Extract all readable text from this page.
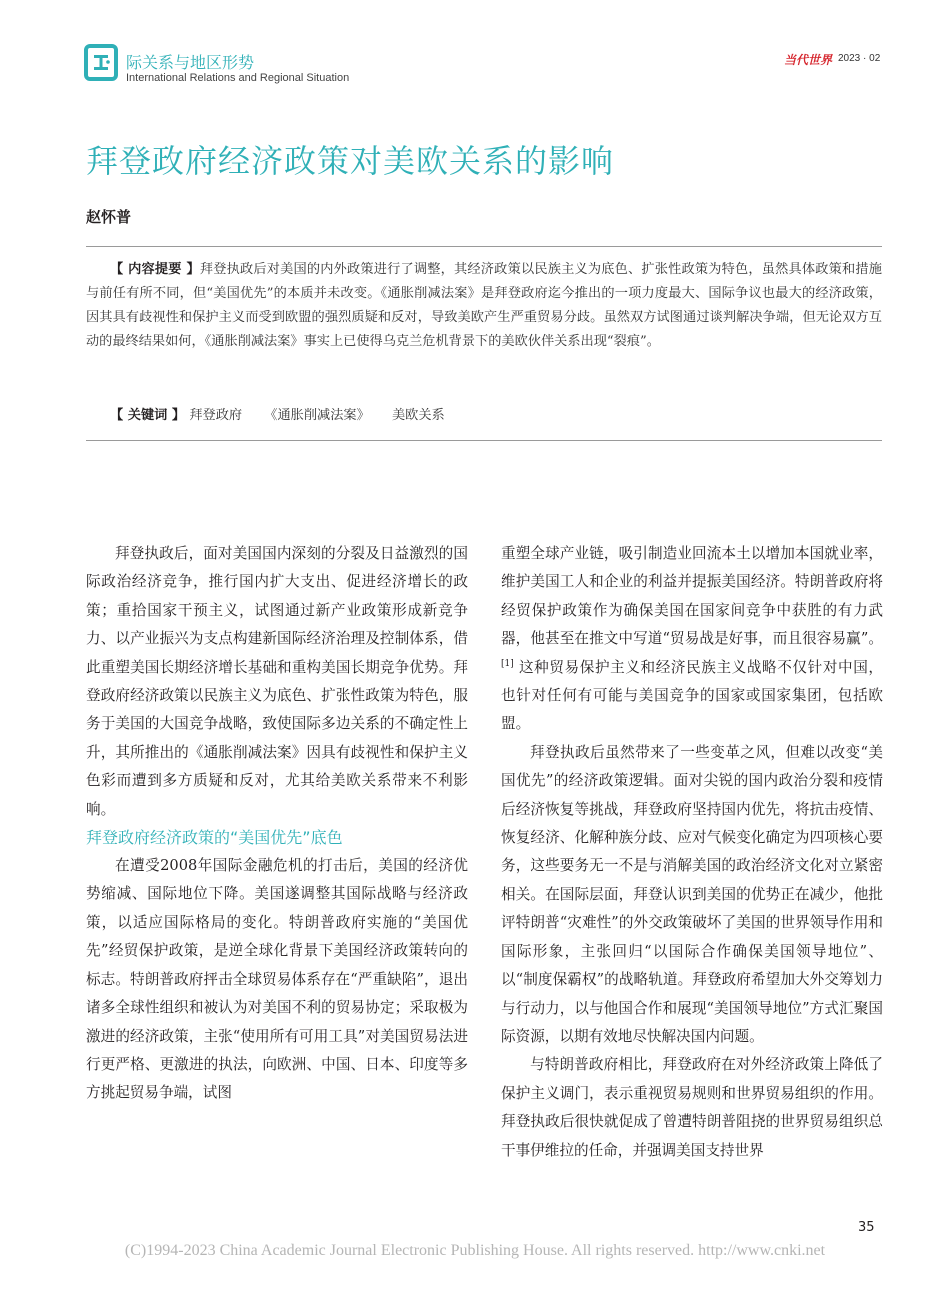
际关系与地区形势
International Relations and Regional Situation
当代世界 2023 · 02
拜登政府经济政策对美欧关系的影响
赵怀普
【 内容提要 】拜登执政后对美国的内外政策进行了调整，其经济政策以民族主义为底色、扩张性政策为特色，虽然具体政策和措施与前任有所不同，但“美国优先”的本质并未改变。《通胀削减法案》是拜登政府迄今推出的一项力度最大、国际争议也最大的经济政策，因其具有歧视性和保护主义而受到欧盟的强烈质疑和反对，导致美欧产生严重贸易分歧。虽然双方试图通过谈判解决争端，但无论双方互动的最终结果如何，《通胀削减法案》事实上已使得乌克兰危机背景下的美欧伙伴关系出现“裂痕”。
【 关键词 】 拜登政府 《通胀削减法案》 美欧关系

拜登执政后，面对美国国内深刻的分裂及日益激烈的国际政治经济竞争，推行国内扩大支出、促进经济增长的政策；重拾国家干预主义，试图通过新产业政策形成新竞争力、以产业振兴为支点构建新国际经济治理及控制体系，借此重塑美国长期经济增长基础和重构美国长期竞争优势。拜登政府经济政策以民族主义为底色、扩张性政策为特色，服务于美国的大国竞争战略，致使国际多边关系的不确定性上升，其所推出的《通胀削减法案》因具有歧视性和保护主义色彩而遭到多方质疑和反对，尤其给美欧关系带来不利影响。

拜登政府经济政策的“美国优先”底色

在遭受2008年国际金融危机的打击后，美国的经济优势缩减、国际地位下降。美国遂调整其国际战略与经济政策，以适应国际格局的变化。特朗普政府实施的“美国优先”经贸保护政策，是逆全球化背景下美国经济政策转向的标志。特朗普政府抨击全球贸易体系存在“严重缺陷”，退出诸多全球性组织和被认为对美国不利的贸易协定；采取极为激进的经济政策，主张“使用所有可用工具”对美国贸易法进行更严格、更激进的执法，向欧洲、中国、日本、印度等多方挑起贸易争端，试图

重塑全球产业链，吸引制造业回流本土以增加本国就业率，维护美国工人和企业的利益并提振美国经济。特朗普政府将经贸保护政策作为确保美国在国家间竞争中获胜的有力武器，他甚至在推文中写道“贸易战是好事，而且很容易赢”。[1] 这种贸易保护主义和经济民族主义战略不仅针对中国，也针对任何有可能与美国竞争的国家或国家集团，包括欧盟。

拜登执政后虽然带来了一些变革之风，但难以改变“美国优先”的经济政策逻辑。面对尖锐的国内政治分裂和疫情后经济恢复等挑战，拜登政府坚持国内优先，将抗击疫情、恢复经济、化解种族分歧、应对气候变化确定为四项核心要务，这些要务无一不是与消解美国的政治经济文化对立紧密相关。在国际层面，拜登认识到美国的优势正在减少，他批评特朗普“灾难性”的外交政策破坏了美国的世界领导作用和国际形象，主张回归“以国际合作确保美国领导地位”、以“制度保霸权”的战略轨道。拜登政府希望加大外交筹划力与行动力，以与他国合作和展现“美国领导地位”方式汇聚国际资源，以期有效地尽快解决国内问题。

与特朗普政府相比，拜登政府在对外经济政策上降低了保护主义调门，表示重视贸易规则和世界贸易组织的作用。拜登执政后很快就促成了曾遭特朗普阻挠的世界贸易组织总干事伊维拉的任命，并强调美国支持世界

35
(C)1994-2023 China Academic Journal Electronic Publishing House. All rights reserved. http://www.cnki.net
